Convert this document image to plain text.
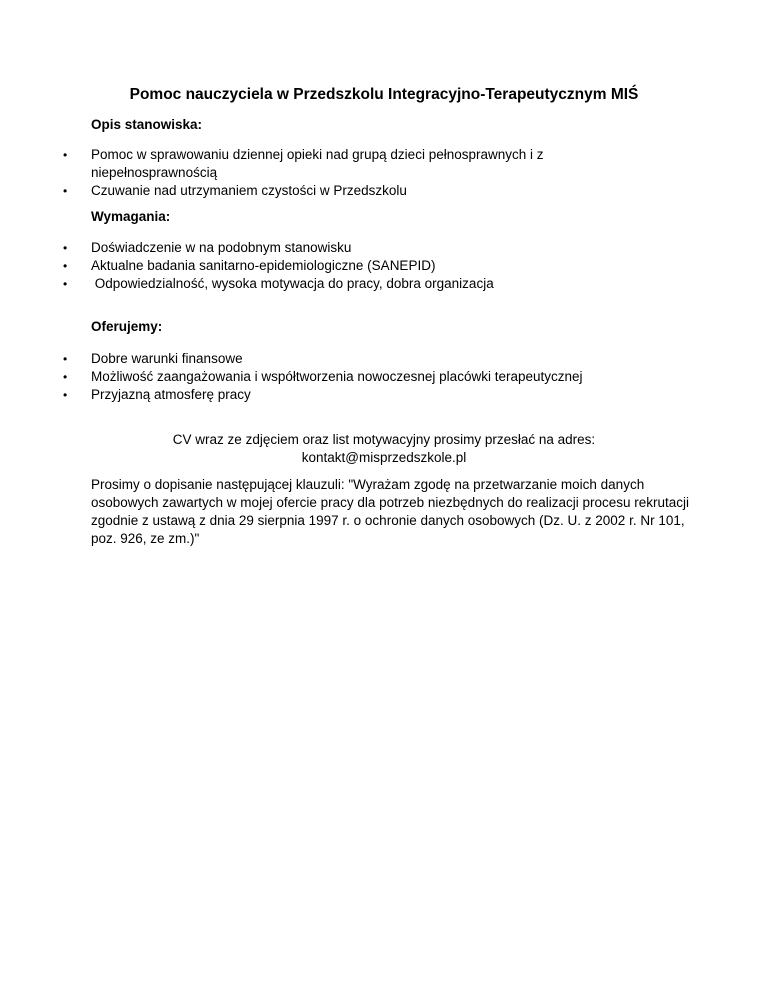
Pomoc nauczyciela w Przedszkolu Integracyjno-Terapeutycznym MIŚ
Opis stanowiska:
• Pomoc w sprawowaniu dziennej opieki nad grupą dzieci pełnosprawnych i z niepełnosprawnością
• Czuwanie nad utrzymaniem czystości w Przedszkolu
Wymagania:
• Doświadczenie w na podobnym stanowisku
• Aktualne badania sanitarno-epidemiologiczne (SANEPID)
• Odpowiedzialność, wysoka motywacja do pracy, dobra organizacja
Oferujemy:
• Dobre warunki finansowe
• Możliwość zaangażowania i współtworzenia nowoczesnej placówki terapeutycznej
• Przyjazną atmosferę pracy
CV wraz ze zdjęciem oraz list motywacyjny prosimy przesłać na adres:
kontakt@misprzedszkole.pl
Prosimy o dopisanie następującej klauzuli: "Wyrażam zgodę na przetwarzanie moich danych osobowych zawartych w mojej ofercie pracy dla potrzeb niezbędnych do realizacji procesu rekrutacji zgodnie z ustawą z dnia 29 sierpnia 1997 r. o ochronie danych osobowych (Dz. U. z 2002 r. Nr 101, poz. 926, ze zm.)"
